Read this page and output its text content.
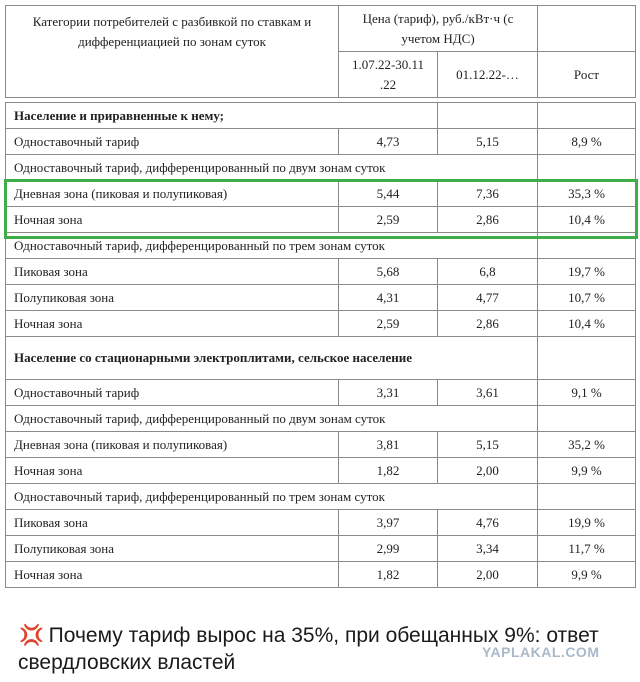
Категории потребителей с разбивкой по ставкам и дифференциацией по зонам суток	Цена (тариф), руб./кВт·ч (с учетом НДС)		
	1.07.22-30.11 .22	01.12.22-…	Рост

Население и приравненные к нему;			
Одноставочный тариф	4,73	5,15	8,9 %
Одноставочный тариф, дифференцированный по двум зонам суток			
Дневная зона (пиковая и полупиковая)	5,44	7,36	35,3 %
Ночная зона	2,59	2,86	10,4 %
Одноставочный тариф, дифференцированный по трем зонам суток			
Пиковая зона	5,68	6,8	19,7 %
Полупиковая зона	4,31	4,77	10,7 %
Ночная зона	2,59	2,86	10,4 %
Население со стационарными электроплитами, сельское население			
Одноставочный тариф	3,31	3,61	9,1 %
Одноставочный тариф, дифференцированный по двум зонам суток			
Дневная зона (пиковая и полупиковая)	3,81	5,15	35,2 %
Ночная зона	1,82	2,00	9,9 %
Одноставочный тариф, дифференцированный по трем зонам суток			
Пиковая зона	3,97	4,76	19,9 %
Полупиковая зона	2,99	3,34	11,7 %
Ночная зона	1,82	2,00	9,9 %
💢︎ Почему тариф вырос на 35%, при обещанных 9%: ответ свердловских властей	YAPLAKAL.COM
